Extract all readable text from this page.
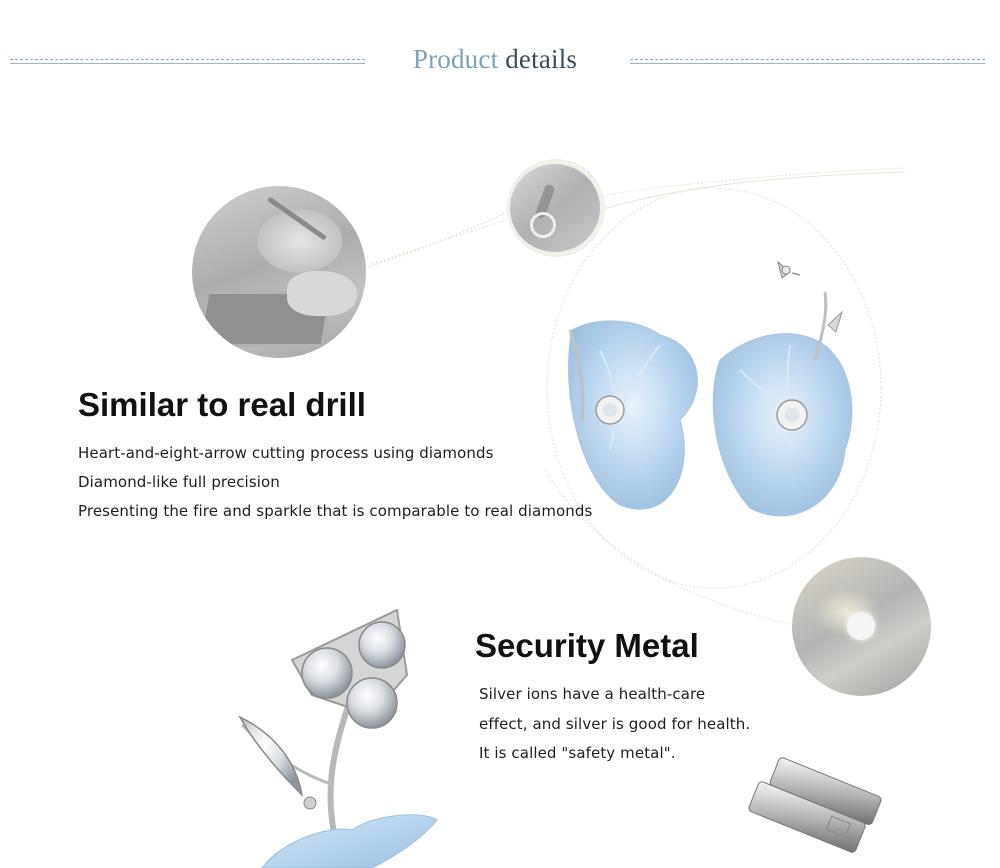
Product details
Similar to real drill
Heart-and-eight-arrow cutting process using diamonds
Diamond-like full precision
Presenting the fire and sparkle that is comparable to real diamonds
Security Metal
Silver ions have a health-care
effect, and silver is good for health.
It is called "safety metal".
